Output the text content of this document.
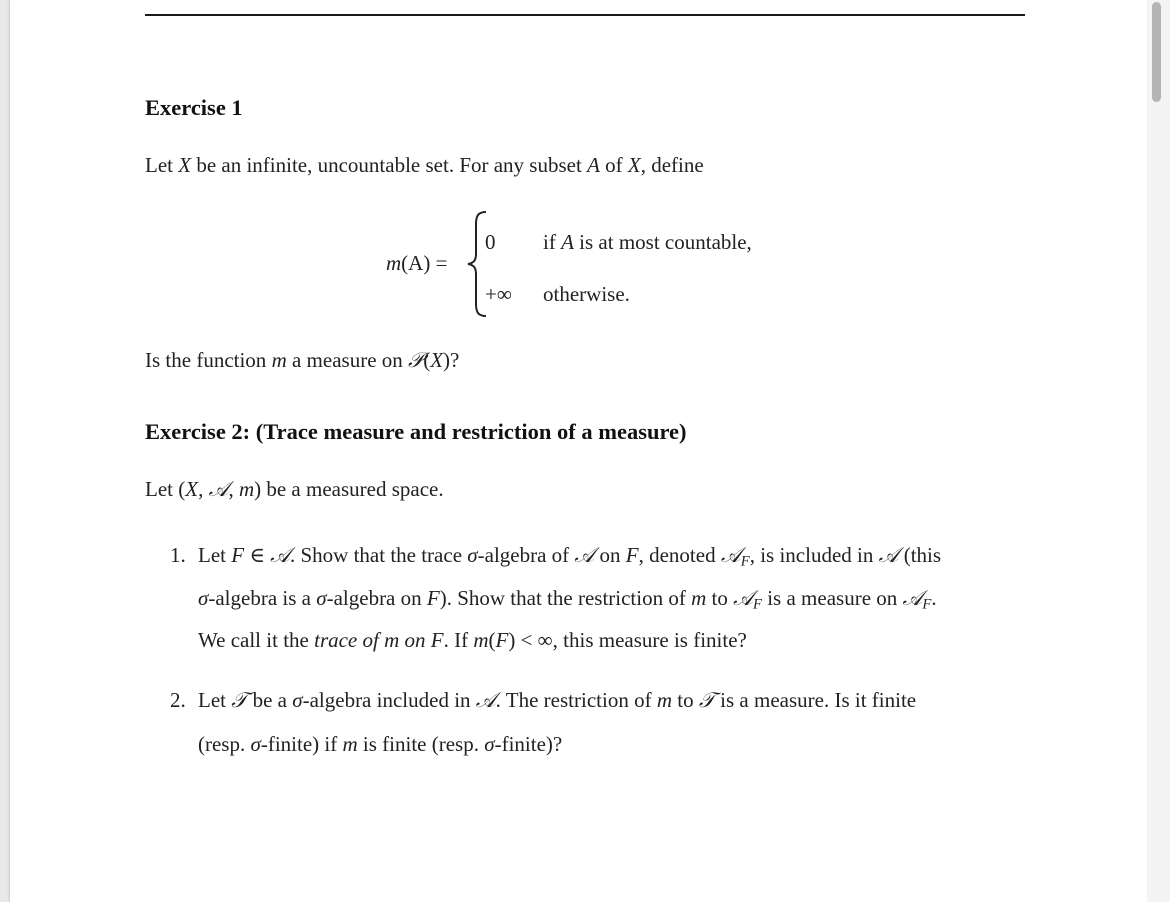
Exercise 1
Let X be an infinite, uncountable set. For any subset A of X, define
m(A) =
0 if A is at most countable,
+∞ otherwise.
Is the function m a measure on 𝒫(X)?
Exercise 2: (Trace measure and restriction of a measure)
Let (X, 𝒜, m) be a measured space.
1. Let F ∈ 𝒜. Show that the trace σ-algebra of 𝒜 on F, denoted 𝒜$_F$, is included in 𝒜 (this
σ-algebra is a σ-algebra on F). Show that the restriction of m to 𝒜$_F$ is a measure on 𝒜$_F$.
We call it the trace of m on F. If m(F) < ∞, this measure is finite?
2. Let 𝒯 be a σ-algebra included in 𝒜. The restriction of m to 𝒯 is a measure. Is it finite
(resp. σ-finite) if m is finite (resp. σ-finite)?
